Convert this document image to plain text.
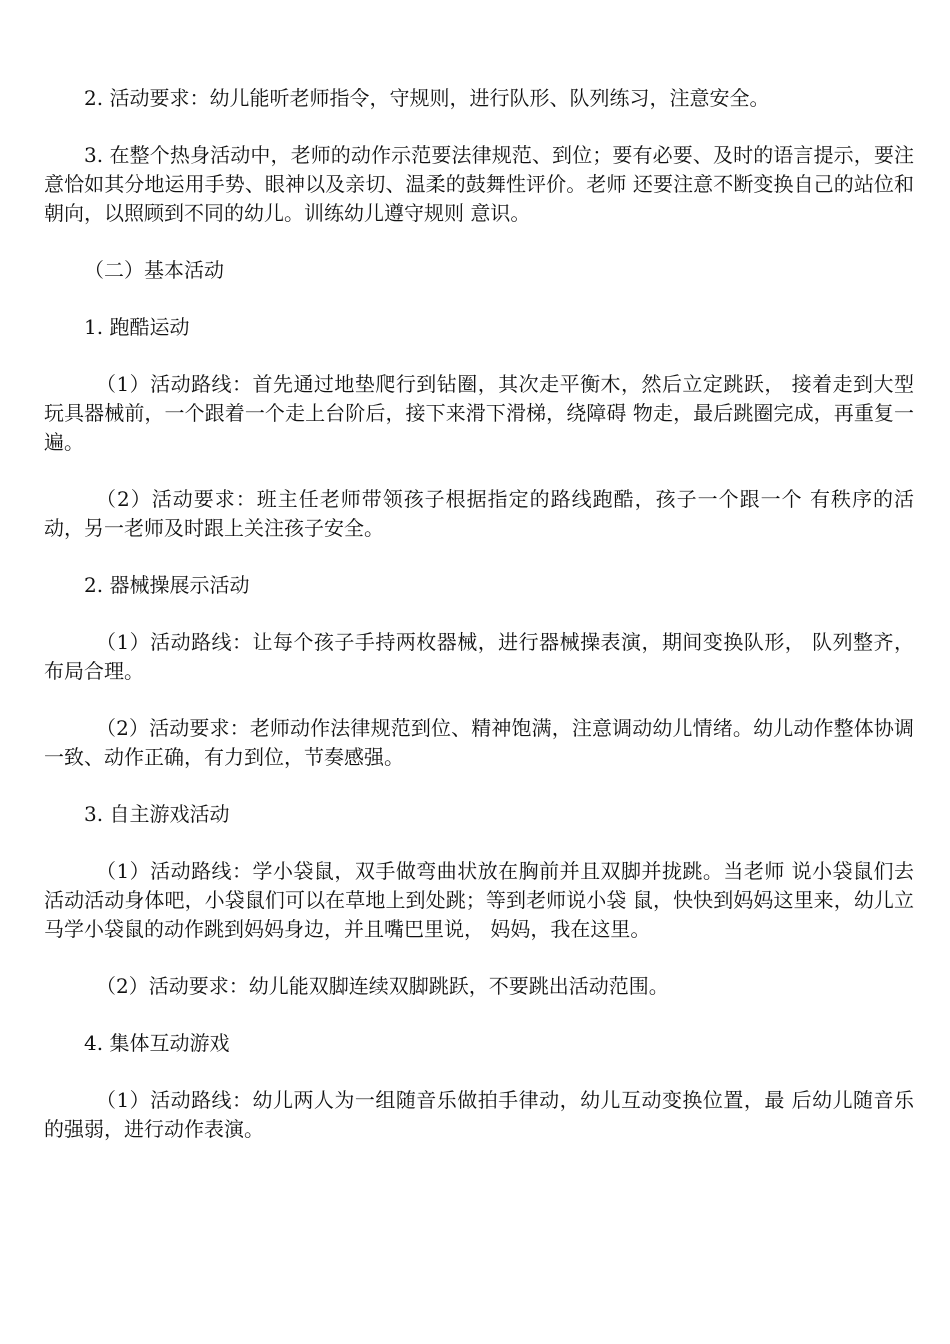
2. 活动要求：幼儿能听老师指令，守规则，进行队形、队列练习，注意安全。

3. 在整个热身活动中，老师的动作示范要法律规范、到位；要有必要、及时的语言提示，要注意恰如其分地运用手势、眼神以及亲切、温柔的鼓舞性评价。老师 还要注意不断变换自己的站位和朝向，以照顾到不同的幼儿。训练幼儿遵守规则 意识。

（二）基本活动

1. 跑酷运动

（1）活动路线：首先通过地垫爬行到钻圈，其次走平衡木，然后立定跳跃， 接着走到大型玩具器械前，一个跟着一个走上台阶后，接下来滑下滑梯，绕障碍 物走，最后跳圈完成，再重复一遍。

（2）活动要求：班主任老师带领孩子根据指定的路线跑酷，孩子一个跟一个 有秩序的活动，另一老师及时跟上关注孩子安全。

2. 器械操展示活动

（1）活动路线：让每个孩子手持两枚器械，进行器械操表演，期间变换队形， 队列整齐，布局合理。

（2）活动要求：老师动作法律规范到位、精神饱满，注意调动幼儿情绪。幼儿动作整体协调一致、动作正确，有力到位，节奏感强。

3. 自主游戏活动

（1）活动路线：学小袋鼠，双手做弯曲状放在胸前并且双脚并拢跳。当老师 说小袋鼠们去活动活动身体吧，小袋鼠们可以在草地上到处跳；等到老师说小袋 鼠，快快到妈妈这里来，幼儿立马学小袋鼠的动作跳到妈妈身边，并且嘴巴里说， 妈妈，我在这里。

（2）活动要求：幼儿能双脚连续双脚跳跃，不要跳出活动范围。

4. 集体互动游戏

（1）活动路线：幼儿两人为一组随音乐做拍手律动，幼儿互动变换位置，最 后幼儿随音乐的强弱，进行动作表演。
